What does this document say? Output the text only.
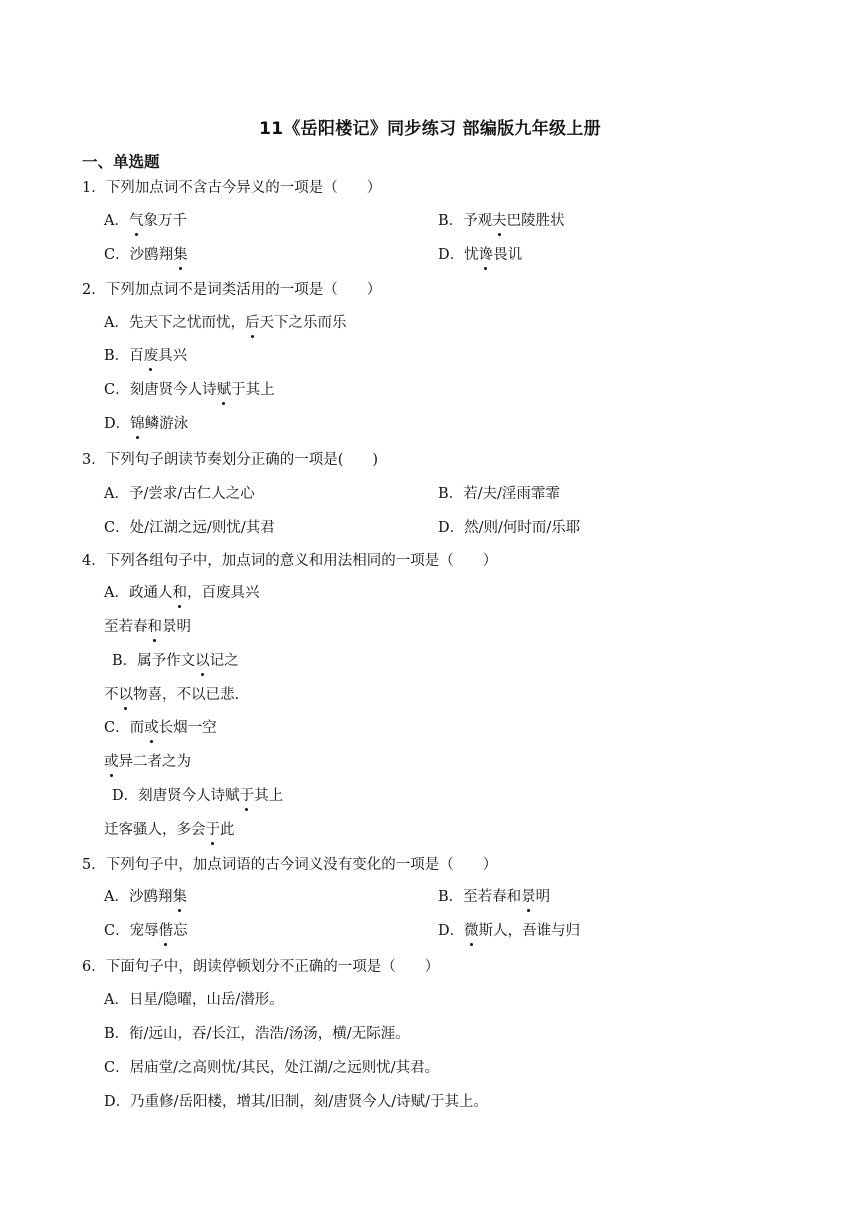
11《岳阳楼记》同步练习 部编版九年级上册
一、单选题
1．下列加点词不含古今异义的一项是（　　）
A．气象万千	B．予观夫巴陵胜状
C．沙鸥翔集	D．忧谗畏讥
2．下列加点词不是词类活用的一项是（　　）
A．先天下之忧而忧，后天下之乐而乐
B．百废具兴
C．刻唐贤今人诗赋于其上
D．锦鳞游泳
3．下列句子朗读节奏划分正确的一项是(　　)
A．予/尝求/古仁人之心	B．若/夫/淫雨霏霏
C．处/江湖之远/则忧/其君	D．然/则/何时而/乐耶
4．下列各组句子中，加点词的意义和用法相同的一项是（　　）
A．政通人和，百废具兴
至若春和景明
B．属予作文以记之
不以物喜，不以已悲.
C．而或长烟一空
或异二者之为
D．刻唐贤今人诗赋于其上
迁客骚人，多会于此
5．下列句子中，加点词语的古今词义没有变化的一项是（　　）
A．沙鸥翔集	B．至若春和景明
C．宠辱偕忘	D．微斯人，吾谁与归
6．下面句子中，朗读停顿划分不正确的一项是（　　）
A．日星/隐曜，山岳/潜形。
B．衔/远山，吞/长江，浩浩/汤汤，横/无际涯。
C．居庙堂/之高则忧/其民，处江湖/之远则忧/其君。
D．乃重修/岳阳楼，增其/旧制，刻/唐贤今人/诗赋/于其上。
